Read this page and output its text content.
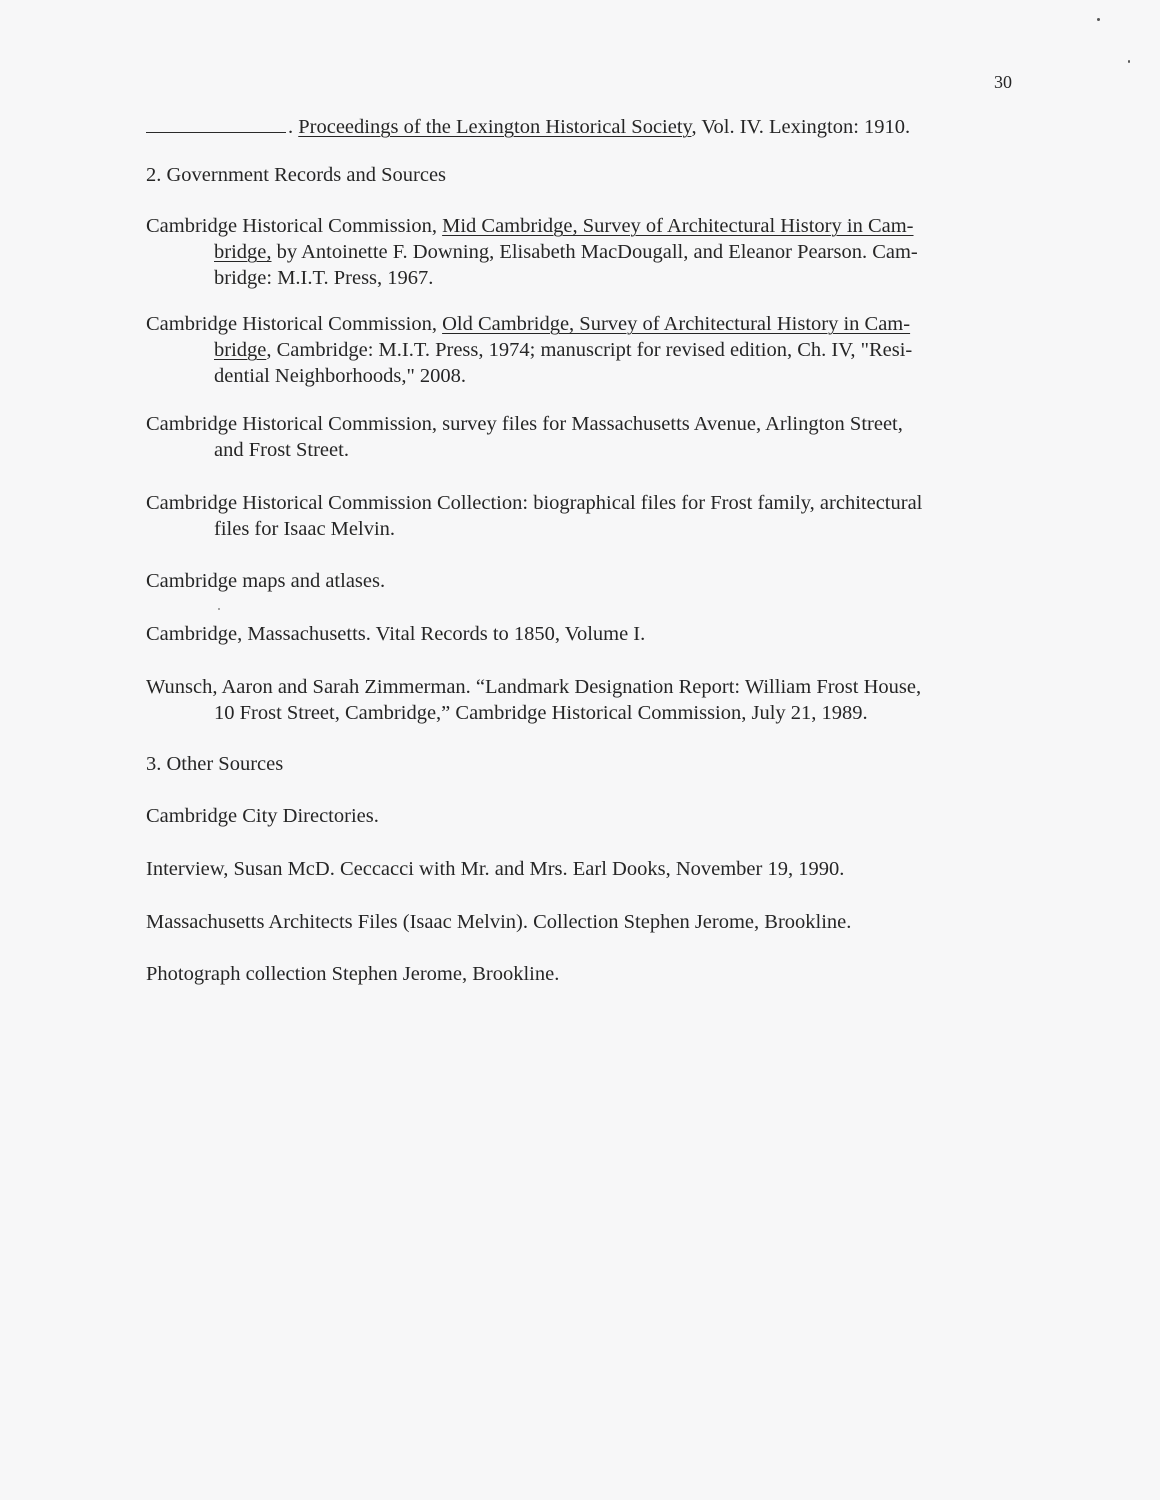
30
. Proceedings of the Lexington Historical Society, Vol. IV. Lexington: 1910.
2. Government Records and Sources
Cambridge Historical Commission, Mid Cambridge, Survey of Architectural History in Cam-
bridge, by Antoinette F. Downing, Elisabeth MacDougall, and Eleanor Pearson. Cam-
bridge: M.I.T. Press, 1967.
Cambridge Historical Commission, Old Cambridge, Survey of Architectural History in Cam-
bridge, Cambridge: M.I.T. Press, 1974; manuscript for revised edition, Ch. IV, "Resi-
dential Neighborhoods," 2008.
Cambridge Historical Commission, survey files for Massachusetts Avenue, Arlington Street,
and Frost Street.
Cambridge Historical Commission Collection: biographical files for Frost family, architectural
files for Isaac Melvin.
Cambridge maps and atlases.
Cambridge, Massachusetts. Vital Records to 1850, Volume I.
Wunsch, Aaron and Sarah Zimmerman. “Landmark Designation Report: William Frost House,
10 Frost Street, Cambridge,” Cambridge Historical Commission, July 21, 1989.
3. Other Sources
Cambridge City Directories.
Interview, Susan McD. Ceccacci with Mr. and Mrs. Earl Dooks, November 19, 1990.
Massachusetts Architects Files (Isaac Melvin). Collection Stephen Jerome, Brookline.
Photograph collection Stephen Jerome, Brookline.
